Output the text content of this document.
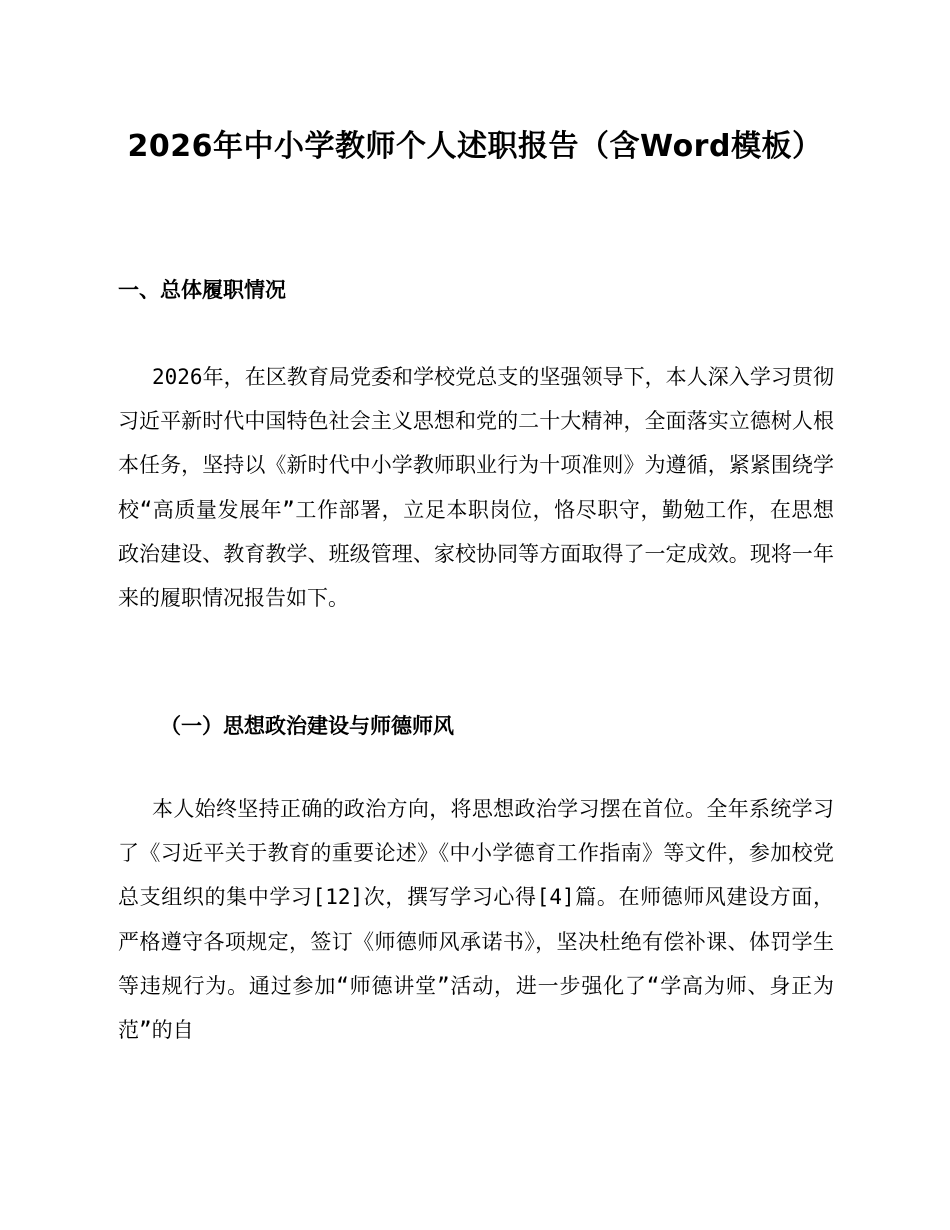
2026年中小学教师个人述职报告（含Word模板）
一、总体履职情况

2026年，在区教育局党委和学校党总支的坚强领导下，本人深入学习贯彻习近平新时代中国特色社会主义思想和党的二十大精神，全面落实立德树人根本任务，坚持以《新时代中小学教师职业行为十项准则》为遵循，紧紧围绕学校“高质量发展年”工作部署，立足本职岗位，恪尽职守，勤勉工作，在思想政治建设、教育教学、班级管理、家校协同等方面取得了一定成效。现将一年来的履职情况报告如下。

（一）思想政治建设与师德师风

本人始终坚持正确的政治方向，将思想政治学习摆在首位。全年系统学习了《习近平关于教育的重要论述》《中小学德育工作指南》等文件，参加校党总支组织的集中学习[12]次，撰写学习心得[4]篇。在师德师风建设方面，严格遵守各项规定，签订《师德师风承诺书》，坚决杜绝有偿补课、体罚学生等违规行为。通过参加“师德讲堂”活动，进一步强化了“学高为师、身正为范”的自
